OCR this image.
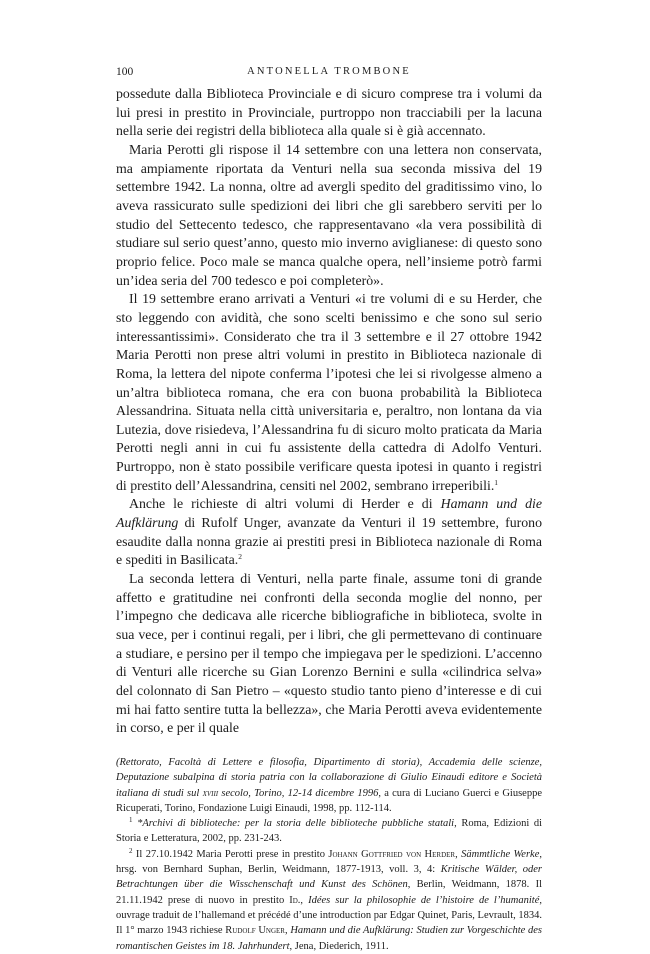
100	ANTONELLA TROMBONE

possedute dalla Biblioteca Provinciale e di sicuro comprese tra i volumi da lui presi in prestito in Provinciale, purtroppo non tracciabili per la lacuna nella serie dei registri della biblioteca alla quale si è già accennato.

Maria Perotti gli rispose il 14 settembre con una lettera non conservata, ma ampiamente riportata da Venturi nella sua seconda missiva del 19 settembre 1942. La nonna, oltre ad avergli spedito del graditissimo vino, lo aveva rassicurato sulle spedizioni dei libri che gli sarebbero serviti per lo studio del Settecento tedesco, che rappresentavano «la vera possibilità di studiare sul serio quest’anno, questo mio inverno aviglianese: di questo sono proprio felice. Poco male se manca qualche opera, nell’insieme potrò farmi un’idea seria del 700 tedesco e poi completerò».

Il 19 settembre erano arrivati a Venturi «i tre volumi di e su Herder, che sto leggendo con avidità, che sono scelti benissimo e che sono sul serio interessantissimi». Considerato che tra il 3 settembre e il 27 ottobre 1942 Maria Perotti non prese altri volumi in prestito in Biblioteca nazionale di Roma, la lettera del nipote conferma l’ipotesi che lei si rivolgesse almeno a un’altra biblioteca romana, che era con buona probabilità la Biblioteca Alessandrina. Situata nella città universitaria e, peraltro, non lontana da via Lutezia, dove risiedeva, l’Alessandrina fu di sicuro molto praticata da Maria Perotti negli anni in cui fu assistente della cattedra di Adolfo Venturi. Purtroppo, non è stato possibile verificare questa ipotesi in quanto i registri di prestito dell’Alessandrina, censiti nel 2002, sembrano irreperibili.$^1$

Anche le richieste di altri volumi di Herder e di Hamann und die Aufklärung di Rufolf Unger, avanzate da Venturi il 19 settembre, furono esaudite dalla nonna grazie ai prestiti presi in Biblioteca nazionale di Roma e spediti in Basilicata.$^2$

La seconda lettera di Venturi, nella parte finale, assume toni di grande affetto e gratitudine nei confronti della seconda moglie del nonno, per l’impegno che dedicava alle ricerche bibliografiche in biblioteca, svolte in sua vece, per i continui regali, per i libri, che gli permettevano di continuare a studiare, e persino per il tempo che impiegava per le spedizioni. L’accenno di Venturi alle ricerche su Gian Lorenzo Bernini e sulla «cilindrica selva» del colonnato di San Pietro – «questo studio tanto pieno d’interesse e di cui mi hai fatto sentire tutta la bellezza», che Maria Perotti aveva evidentemente in corso, e per il quale

(Rettorato, Facoltà di Lettere e filosofia, Dipartimento di storia), Accademia delle scienze, Deputazione subalpina di storia patria con la collaborazione di Giulio Einaudi editore e Società italiana di studi sul xviii secolo, Torino, 12-14 dicembre 1996, a cura di Luciano Guerci e Giuseppe Ricuperati, Torino, Fondazione Luigi Einaudi, 1998, pp. 112-114.

$^1$ *Archivi di biblioteche: per la storia delle biblioteche pubbliche statali, Roma, Edizioni di Storia e Letteratura, 2002, pp. 231-243.

$^2$ Il 27.10.1942 Maria Perotti prese in prestito Johann Gottfried von Herder, Sämmtliche Werke, hrsg. von Bernhard Suphan, Berlin, Weidmann, 1877-1913, voll. 3, 4: Kritische Wälder, oder Betrachtungen über die Wisschenschaft und Kunst des Schönen, Berlin, Weidmann, 1878. Il 21.11.1942 prese di nuovo in prestito Id., Idées sur la philosophie de l’histoire de l’humanité, ouvrage traduit de l’hallemand et précédé d’une introduction par Edgar Quinet, Paris, Levrault, 1834. Il 1° marzo 1943 richiese Rudolf Unger, Hamann und die Aufklärung: Studien zur Vorgeschichte des romantischen Geistes im 18. Jahrhundert, Jena, Diederich, 1911.
